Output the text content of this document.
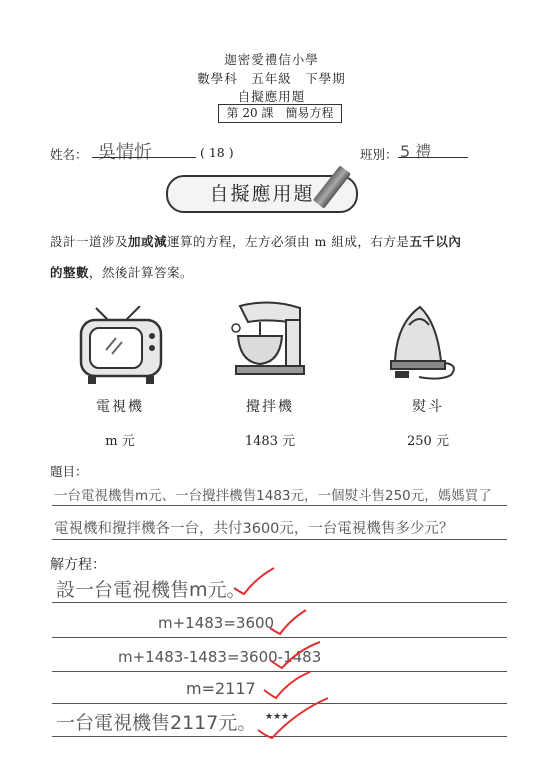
迦密愛禮信小學
數學科　五年級　下學期
自擬應用題
第 20 課　簡易方程
姓名： 吳情忻	( 18 )	班別： 5 禮
自擬應用題
設計一道涉及加或減運算的方程，左方必須由 m 組成，右方是五千以內
的整數，然後計算答案。
電視機	攪拌機	熨斗
m 元	1483 元	250 元
題目：
一台電視機售m元、一台攪拌機售1483元，一個熨斗售250元，媽媽買了
電視機和攪拌機各一台，共付3600元，一台電視機售多少元？
解方程：
設一台電視機售m元。
m+1483=3600
m+1483-1483=3600-1483
m=2117
一台電視機售2117元。 ★★★
